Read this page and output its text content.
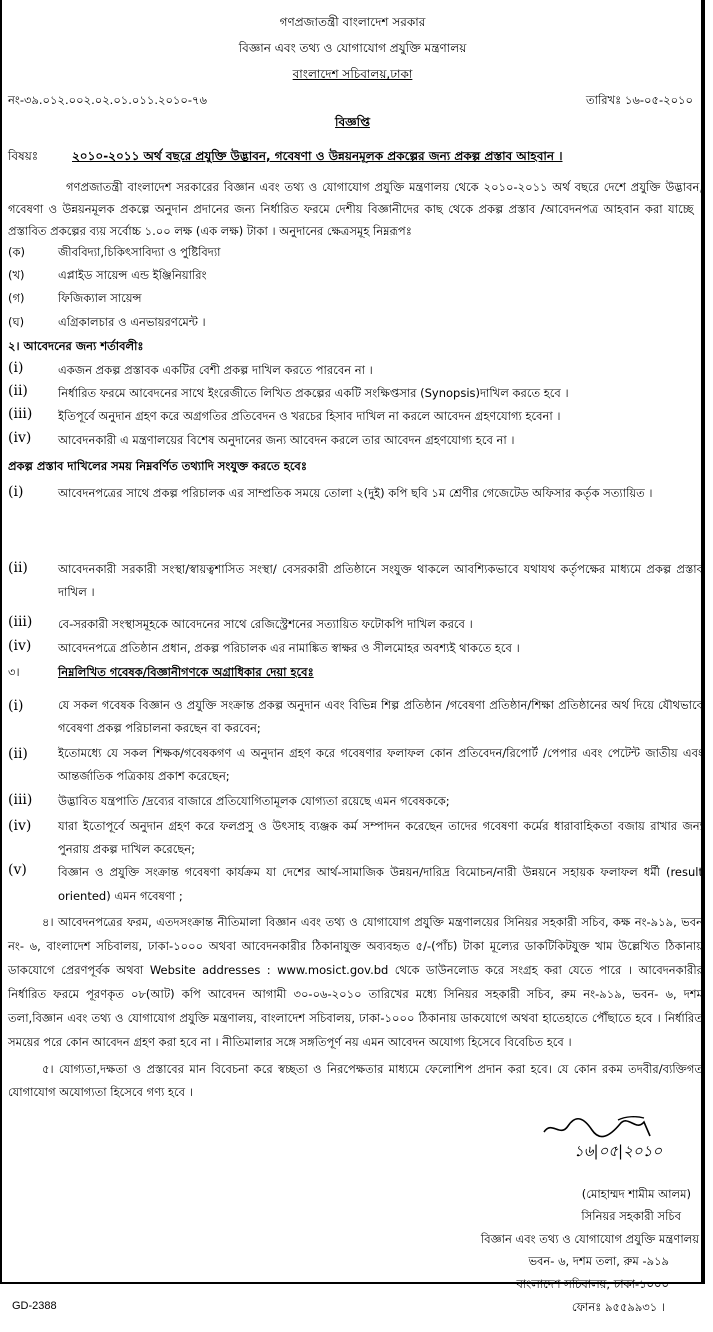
গণপ্রজাতন্ত্রী বাংলাদেশ সরকার
বিজ্ঞান এবং তথ্য ও যোগাযোগ প্রযুক্তি মন্ত্রণালয়
বাংলাদেশ সচিবালয়,ঢাকা
নং-৩৯.০১২.০০২.০২.০১.০১১.২০১০-৭৬	তারিখঃ ১৬-০৫-২০১০
বিজ্ঞপ্তি
বিষয়ঃ	২০১০-২০১১ অর্থ বছরে প্রযুক্তি উদ্ভাবন, গবেষণা ও উন্নয়নমূলক প্রকল্পের জন্য প্রকল্প প্রস্তাব আহবান ।
গণপ্রজাতন্ত্রী বাংলাদেশ সরকারের বিজ্ঞান এবং তথ্য ও যোগাযোগ প্রযুক্তি মন্ত্রণালয় থেকে ২০১০-২০১১ অর্থ বছরে দেশে প্রযুক্তি উদ্ভাবন, গবেষণা ও উন্নয়নমূলক প্রকল্পে অনুদান প্রদানের জন্য নির্ধারিত ফরমে দেশীয় বিজ্ঞানীদের কাছ থেকে প্রকল্প প্রস্তাব /আবেদনপত্র আহবান করা যাচ্ছে । প্রস্তাবিত প্রকল্পের ব্যয় সর্বোচ্চ ১.০০ লক্ষ (এক লক্ষ) টাকা । অনুদানের ক্ষেত্রসমূহ নিম্নরূপঃ
(ক)	জীববিদ্যা,চিকিৎসাবিদ্যা ও পুষ্টিবিদ্যা
(খ)	এপ্লাইড সায়েন্স এন্ড ইঞ্জিনিয়ারিং
(গ)	ফিজিক্যাল সায়েন্স
(ঘ)	এগ্রিকালচার ও এনভায়রণমেন্ট ।
২। আবেদনের জন্য শর্তাবলীঃ
(i)	একজন প্রকল্প প্রস্তাবক একটির বেশী প্রকল্প দাখিল করতে পারবেন না ।
(ii)	নির্ধারিত ফরমে আবেদনের সাথে ইংরেজীতে লিখিত প্রকল্পের একটি সংক্ষিপ্তসার (Synopsis)দাখিল করতে হবে ।
(iii) ইতিপূর্বে অনুদান গ্রহণ করে অগ্রগতির প্রতিবেদন ও খরচের হিসাব দাখিল না করলে আবেদন গ্রহণযোগ্য হবেনা ।
(iv) আবেদনকারী এ মন্ত্রণালয়ের বিশেষ অনুদানের জন্য আবেদন করলে তার আবেদন গ্রহণযোগ্য হবে না ।
প্রকল্প প্রস্তাব দাখিলের সময় নিম্নবর্ণিত তথ্যাদি সংযুক্ত করতে হবেঃ
(i)	আবেদনপত্রের সাথে প্রকল্প পরিচালক এর সাম্প্রতিক সময়ে তোলা ২(দুই) কপি ছবি ১ম শ্রেণীর গেজেটেড অফিসার কর্তৃক সত্যায়িত ।
(ii)	আবেদনকারী সরকারী সংস্থা/স্বায়ত্বশাসিত সংস্থা/ বেসরকারী প্রতিষ্ঠানে সংযুক্ত থাকলে আবশ্যিকভাবে যথাযথ কর্তৃপক্ষের মাধ্যমে প্রকল্প প্রস্তাব দাখিল ।
(iii) বে-সরকারী সংস্থাসমূহকে আবেদনের সাথে রেজিস্ট্রেশনের সত্যায়িত ফটোকপি দাখিল করবে ।
(iv) আবেদনপত্রে প্রতিষ্ঠান প্রধান, প্রকল্প পরিচালক এর নামাঙ্কিত স্বাক্ষর ও সীলমোহর অবশ্যই থাকতে হবে ।
৩।	নিম্নলিখিত গবেষক/বিজ্ঞানীগণকে অগ্রাধিকার দেয়া হবেঃ
(i)	যে সকল গবেষক বিজ্ঞান ও প্রযুক্তি সংক্রান্ত প্রকল্প অনুদান এবং বিভিন্ন শিল্প প্রতিষ্ঠান /গবেষণা প্রতিষ্ঠান/শিক্ষা প্রতিষ্ঠানের অর্থ দিয়ে যৌথভাবে গবেষণা প্রকল্প পরিচালনা করছেন বা করবেন;
(ii)	ইতোমধ্যে যে সকল শিক্ষক/গবেষকগণ এ অনুদান গ্রহণ করে গবেষণার ফলাফল কোন প্রতিবেদন/রিপোর্ট /পেপার এবং পেটেন্ট জাতীয় এবং আন্তর্জাতিক পত্রিকায় প্রকাশ করেছেন;
(iii) উদ্ভাবিত যন্ত্রপাতি /দ্রব্যের বাজারে প্রতিযোগিতামূলক যোগ্যতা রয়েছে এমন গবেষককে;
(iv) যারা ইতোপূর্বে অনুদান গ্রহণ করে ফলপ্রসু ও উৎসাহ ব্যঞ্জক কর্ম সম্পাদন করেছেন তাদের গবেষণা কর্মের ধারাবাহিকতা বজায় রাখার জন্য পুনরায় প্রকল্প দাখিল করেছেন;
(v)	বিজ্ঞান ও প্রযুক্তি সংক্রান্ত গবেষণা কার্যক্রম যা দেশের আর্থ-সামাজিক উন্নয়ন/দারিদ্র বিমোচন/নারী উন্নয়নে সহায়ক ফলাফল ধর্মী (result oriented) এমন গবেষণা ;
৪। আবেদনপত্রের ফরম, এতদসংক্রান্ত নীতিমালা বিজ্ঞান এবং তথ্য ও যোগাযোগ প্রযুক্তি মন্ত্রণালয়ের সিনিয়র সহকারী সচিব, কক্ষ নং-৯১৯, ভবন নং- ৬, বাংলাদেশ সচিবালয়, ঢাকা-১০০০ অথবা আবেদনকারীর ঠিকানাযুক্ত অব্যবহৃত ৫/-(পাঁচ) টাকা মূল্যের ডাকটিকিটযুক্ত খাম উল্লেখিত ঠিকানায় ডাকযোগে প্রেরণপূর্বক অথবা Website addresses : www.mosict.gov.bd থেকে ডাউনলোড করে সংগ্রহ করা যেতে পারে । আবেদনকারীর নির্ধারিত ফরমে পূরণকৃত ০৮(আট) কপি আবেদন আগামী ৩০-০৬-২০১০ তারিখের মধ্যে সিনিয়র সহকারী সচিব, রুম নং-৯১৯, ভবন- ৬, দশম তলা,বিজ্ঞান এবং তথ্য ও যোগাযোগ প্রযুক্তি মন্ত্রণালয়, বাংলাদেশ সচিবালয়, ঢাকা-১০০০ ঠিকানায় ডাকযোগে অথবা হাতেহাতে পৌঁছাতে হবে । নির্ধারিত সময়ের পরে কোন আবেদন গ্রহণ করা হবে না । নীতিমালার সঙ্গে সঙ্গতিপূর্ণ নয় এমন আবেদন অযোগ্য হিসেবে বিবেচিত হবে ।
৫। যোগ্যতা,দক্ষতা ও প্রস্তাবের মান বিবেচনা করে স্বচ্ছতা ও নিরপেক্ষতার মাধ্যমে ফেলোশিপ প্রদান করা হবে। যে কোন রকম তদবীর/ব্যক্তিগত যোগাযোগ অযোগ্যতা হিসেবে গণ্য হবে ।
১৬|০৫|২০১০
(মোহাম্মদ শামীম আলম)
সিনিয়র সহকারী সচিব
বিজ্ঞান এবং তথ্য ও যোগাযোগ প্রযুক্তি মন্ত্রণালয়
ভবন- ৬, দশম তলা, রুম -৯১৯
বাংলাদেশ সচিবালয়, ঢাকা-১০০০
ফোনঃ ৯৫৫৯৯৩১ ।
GD-2388
